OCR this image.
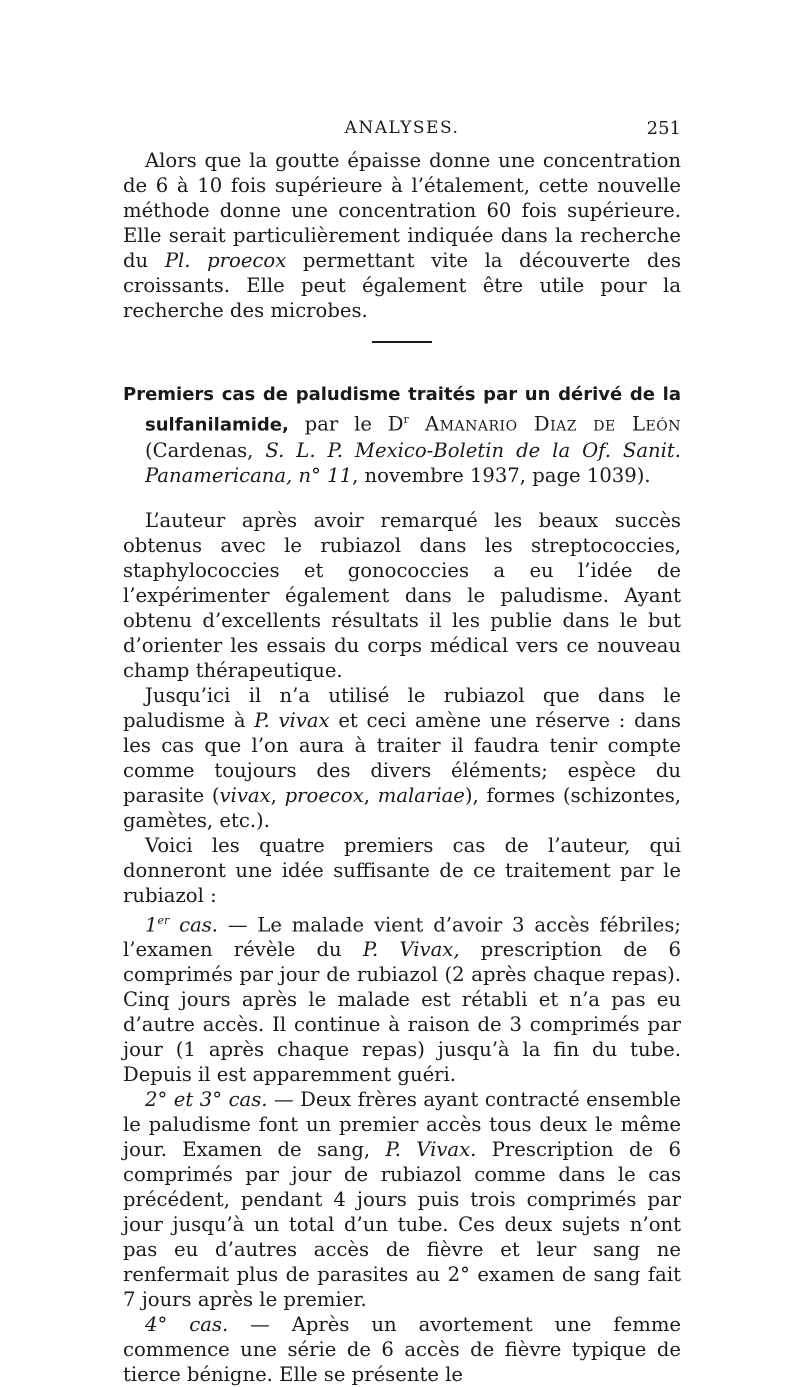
ANALYSES.	251

Alors que la goutte épaisse donne une concentration de 6 à 10 fois supérieure à l’étalement, cette nouvelle méthode donne une concentration 60 fois supérieure. Elle serait particulièrement indiquée dans la recherche du Pl. proecox permettant vite la découverte des croissants. Elle peut également être utile pour la recherche des microbes.

Premiers cas de paludisme traités par un dérivé de la sulfanilamide, par le $D^r$ Amanario Diaz de León (Cardenas, S. L. P. Mexico-Boletin de la Of. Sanit. Panamericana, n° 11, novembre 1937, page 1039).

L’auteur après avoir remarqué les beaux succès obtenus avec le rubiazol dans les streptococcies, staphylococcies et gonococcies a eu l’idée de l’expérimenter également dans le paludisme. Ayant obtenu d’excellents résultats il les publie dans le but d’orienter les essais du corps médical vers ce nouveau champ thérapeutique.

Jusqu’ici il n’a utilisé le rubiazol que dans le paludisme à P. vivax et ceci amène une réserve : dans les cas que l’on aura à traiter il faudra tenir compte comme toujours des divers éléments; espèce du parasite (vivax, proecox, malariae), formes (schizontes, gamètes, etc.).

Voici les quatre premiers cas de l’auteur, qui donneront une idée suffisante de ce traitement par le rubiazol :

1er cas. — Le malade vient d’avoir 3 accès fébriles; l’examen révèle du P. Vivax, prescription de 6 comprimés par jour de rubiazol (2 après chaque repas). Cinq jours après le malade est rétabli et n’a pas eu d’autre accès. Il continue à raison de 3 comprimés par jour (1 après chaque repas) jusqu’à la fin du tube. Depuis il est apparemment guéri.

2° et 3° cas. — Deux frères ayant contracté ensemble le paludisme font un premier accès tous deux le même jour. Examen de sang, P. Vivax. Prescription de 6 comprimés par jour de rubiazol comme dans le cas précédent, pendant 4 jours puis trois comprimés par jour jusqu’à un total d’un tube. Ces deux sujets n’ont pas eu d’autres accès de fièvre et leur sang ne renfermait plus de parasites au 2° examen de sang fait 7 jours après le premier.

4° cas. — Après un avortement une femme commence une série de 6 accès de fièvre typique de tierce bénigne. Elle se présente le
